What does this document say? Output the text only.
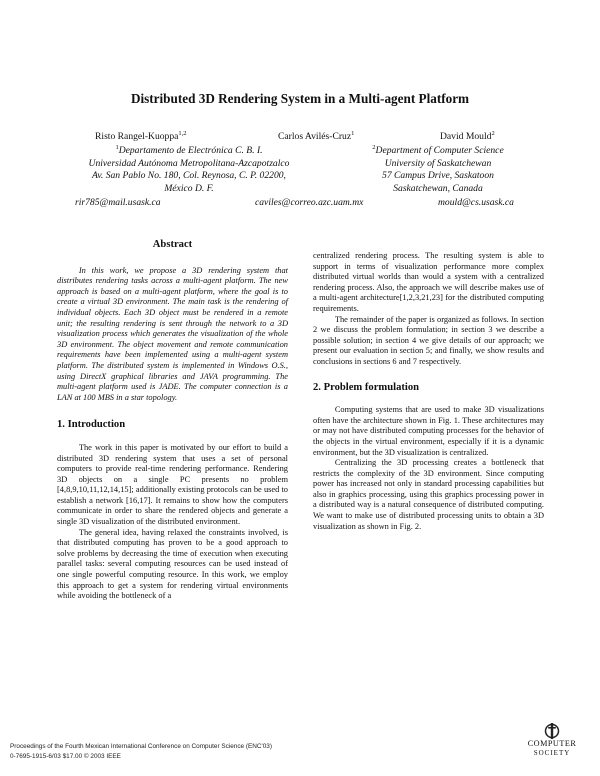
Distributed 3D Rendering System in a Multi-agent Platform
Risto Rangel-Kuoppa$^{1,2}$	Carlos Avilés-Cruz$^1$	David Mould$^2$
$^1$Departamento de Electrónica C. B. I.
Universidad Autónoma Metropolitana-Azcapotzalco
Av. San Pablo No. 180, Col. Reynosa, C. P. 02200,
México D. F.
$^2$Department of Computer Science
University of Saskatchewan
57 Campus Drive, Saskatoon
Saskatchewan, Canada
rir785@mail.usask.ca	caviles@correo.azc.uam.mx	mould@cs.usask.ca

Abstract

In this work, we propose a 3D rendering system that distributes rendering tasks across a multi-agent platform. The new approach is based on a multi-agent platform, where the goal is to create a virtual 3D environment. The main task is the rendering of individual objects. Each 3D object must be rendered in a remote unit; the resulting rendering is sent through the network to a 3D visualization process which generates the visualization of the whole 3D environment. The object movement and remote communication requirements have been implemented using a multi-agent system platform. The distributed system is implemented in Windows O.S., using DirectX graphical libraries and JAVA programming. The multi-agent platform used is JADE. The computer connection is a LAN at 100 MBS in a star topology.

1. Introduction

The work in this paper is motivated by our effort to build a distributed 3D rendering system that uses a set of personal computers to provide real-time rendering performance. Rendering 3D objects on a single PC presents no problem [4,8,9,10,11,12,14,15]; additionally existing protocols can be used to establish a network [16,17]. It remains to show how the computers communicate in order to share the rendered objects and generate a single 3D visualization of the distributed environment.

The general idea, having relaxed the constraints involved, is that distributed computing has proven to be a good approach to solve problems by decreasing the time of execution when executing parallel tasks: several computing resources can be used instead of one single powerful computing resource. In this work, we employ this approach to get a system for rendering virtual environments while avoiding the bottleneck of a

centralized rendering process. The resulting system is able to support in terms of visualization performance more complex distributed virtual worlds than would a system with a centralized rendering process. Also, the approach we will describe makes use of a multi-agent architecture[1,2,3,21,23] for the distributed computing requirements.

The remainder of the paper is organized as follows. In section 2 we discuss the problem formulation; in section 3 we describe a possible solution; in section 4 we give details of our approach; we present our evaluation in section 5; and finally, we show results and conclusions in sections 6 and 7 respectively.

2. Problem formulation

Computing systems that are used to make 3D visualizations often have the architecture shown in Fig. 1. These architectures may or may not have distributed computing processes for the behavior of the objects in the virtual environment, especially if it is a dynamic environment, but the 3D visualization is centralized.

Centralizing the 3D processing creates a bottleneck that restricts the complexity of the 3D environment. Since computing power has increased not only in standard processing capabilities but also in graphics processing, using this graphics processing power in a distributed way is a natural consequence of distributed computing. We want to make use of distributed processing units to obtain a 3D visualization as shown in Fig. 2.

Proceedings of the Fourth Mexican International Conference on Computer Science (ENC'03)
0-7695-1915-6/03 $17.00 © 2003 IEEE
COMPUTER
SOCIETY
